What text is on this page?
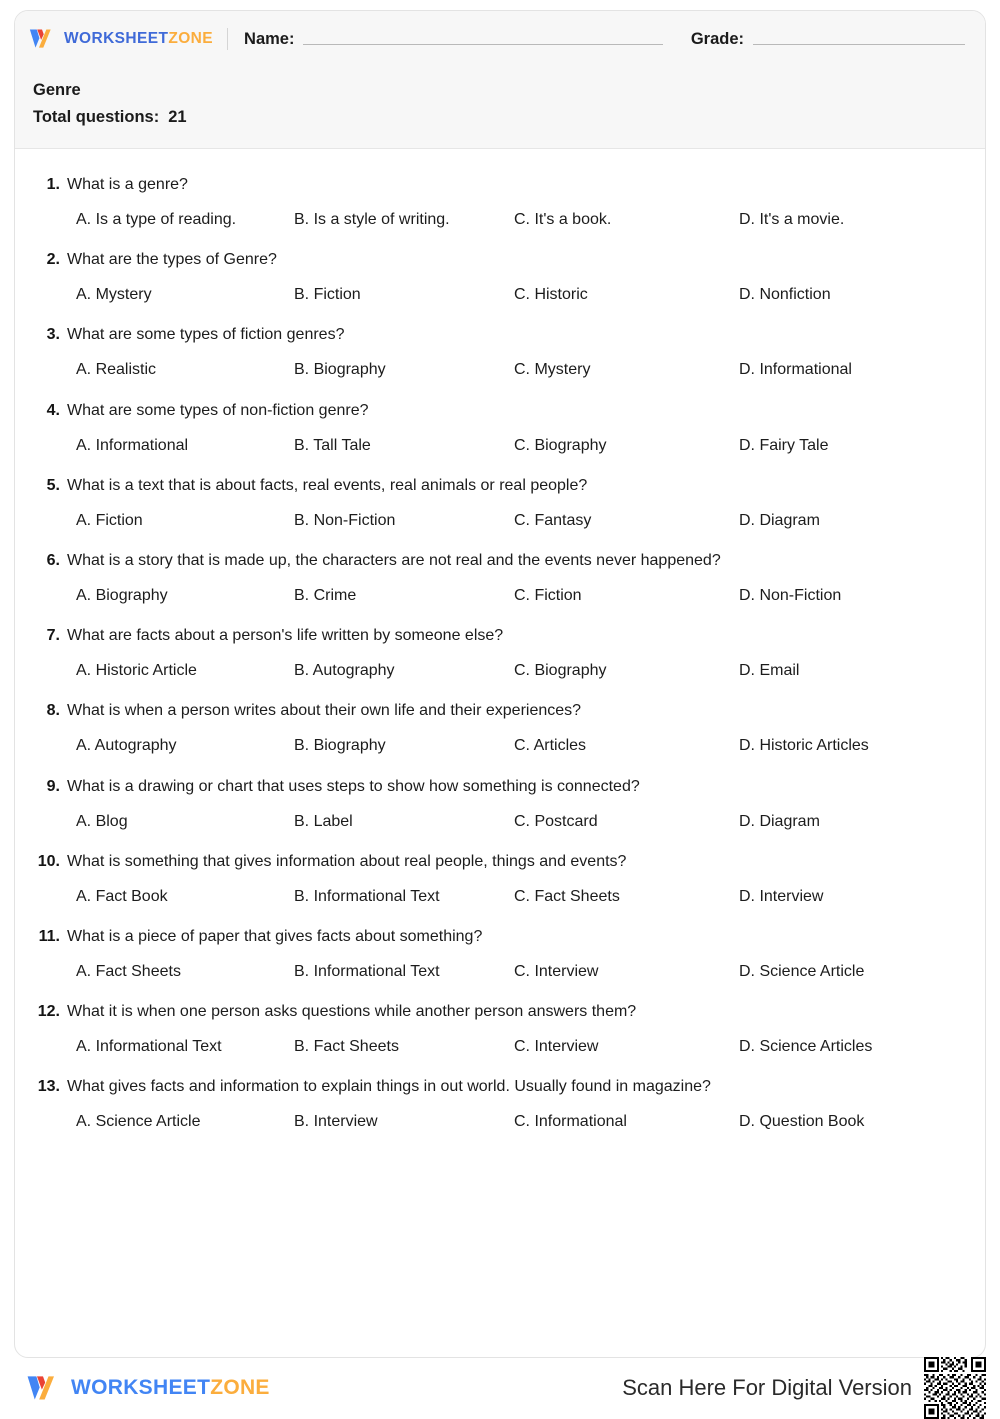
WORKSHEETZONE Name:	Grade:
Genre
Total questions: 21
1. What is a genre?
A. Is a type of reading.	B. Is a style of writing.	C. It's a book.	D. It's a movie.
2. What are the types of Genre?
A. Mystery	B. Fiction	C. Historic	D. Nonfiction
3. What are some types of fiction genres?
A. Realistic	B. Biography	C. Mystery	D. Informational
4. What are some types of non-fiction genre?
A. Informational	B. Tall Tale	C. Biography	D. Fairy Tale
5. What is a text that is about facts, real events, real animals or real people?
A. Fiction	B. Non-Fiction	C. Fantasy	D. Diagram
6. What is a story that is made up, the characters are not real and the events never happened?
A. Biography	B. Crime	C. Fiction	D. Non-Fiction
7. What are facts about a person's life written by someone else?
A. Historic Article	B. Autography	C. Biography	D. Email
8. What is when a person writes about their own life and their experiences?
A. Autography	B. Biography	C. Articles	D. Historic Articles
9. What is a drawing or chart that uses steps to show how something is connected?
A. Blog	B. Label	C. Postcard	D. Diagram
10. What is something that gives information about real people, things and events?
A. Fact Book	B. Informational Text	C. Fact Sheets	D. Interview
11. What is a piece of paper that gives facts about something?
A. Fact Sheets	B. Informational Text	C. Interview	D. Science Article
12. What it is when one person asks questions while another person answers them?
A. Informational Text	B. Fact Sheets	C. Interview	D. Science Articles
13. What gives facts and information to explain things in out world. Usually found in magazine?
A. Science Article	B. Interview	C. Informational	D. Question Book
WORKSHEETZONE	Scan Here For Digital Version
